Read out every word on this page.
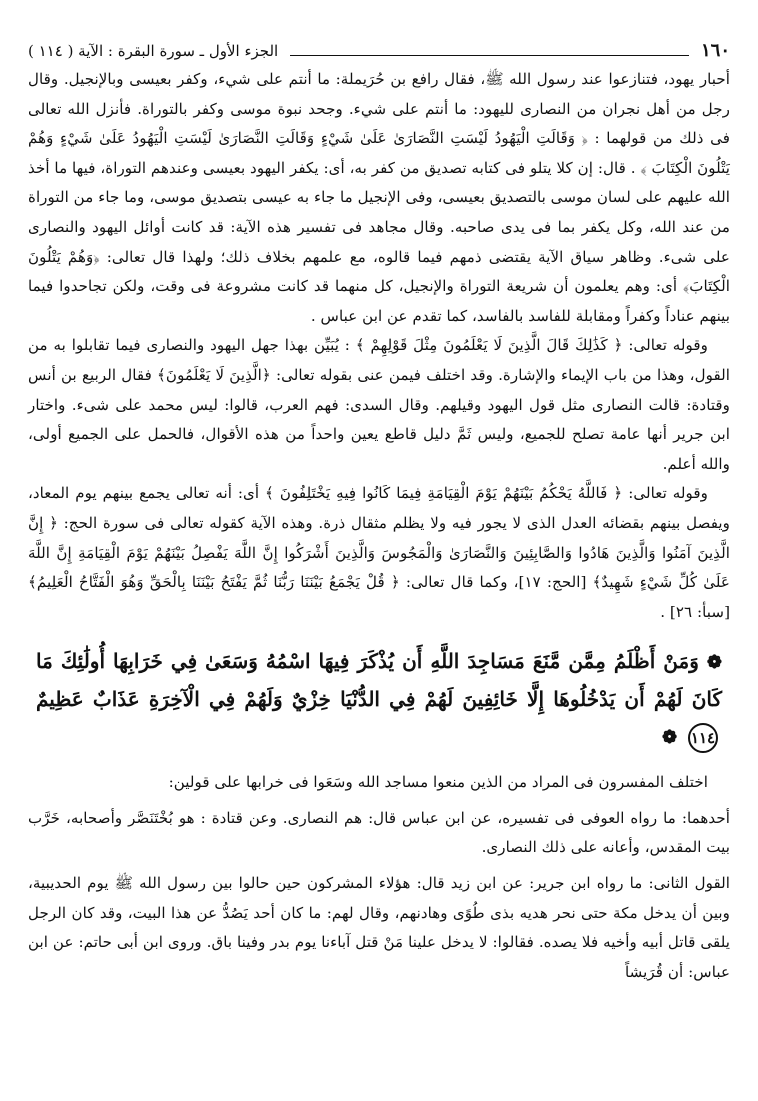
١٦٠
الجزء الأول ـ سورة البقرة : الآية ( ١١٤ )

أحبار يهود، فتنازعوا عند رسول الله ﷺ، فقال رافع بن حُرَيملة: ما أنتم على شيء، وكفر بعيسى وبالإنجيل. وقال رجل من أهل نجران من النصارى لليهود: ما أنتم على شيء. وجحد نبوة موسى وكفر بالتوراة. فأنزل الله تعالى فى ذلك من قولهما : ﴿ وَقَالَتِ الْيَهُودُ لَيْسَتِ النَّصَارَىٰ عَلَىٰ شَيْءٍ وَقَالَتِ النَّصَارَىٰ لَيْسَتِ الْيَهُودُ عَلَىٰ شَيْءٍ وَهُمْ يَتْلُونَ الْكِتَابَ ﴾ . قال: إن كلا يتلو فى كتابه تصديق من كفر به، أى: يكفر اليهود بعيسى وعندهم التوراة، فيها ما أخذ الله عليهم على لسان موسى بالتصديق بعيسى، وفى الإنجيل ما جاء به عيسى بتصديق موسى، وما جاء من التوراة من عند الله، وكل يكفر بما فى يدى صاحبه. وقال مجاهد فى تفسير هذه الآية: قد كانت أوائل اليهود والنصارى على شىء. وظاهر سياق الآية يقتضى ذمهم فيما قالوه، مع علمهم بخلاف ذلك؛ ولهذا قال تعالى: ﴿وَهُمْ يَتْلُونَ الْكِتَابَ﴾ أى: وهم يعلمون أن شريعة التوراة والإنجيل، كل منهما قد كانت مشروعة فى وقت، ولكن تجاحدوا فيما بينهم عناداً وكفراً ومقابلة للفاسد بالفاسد، كما تقدم عن ابن عباس .

وقوله تعالى: ﴿ كَذَٰلِكَ قَالَ الَّذِينَ لَا يَعْلَمُونَ مِثْلَ قَوْلِهِمْ ﴾ : يُبَيِّن بهذا جهل اليهود والنصارى فيما تقابلوا به من القول، وهذا من باب الإيماء والإشارة. وقد اختلف فيمن عنى بقوله تعالى: ﴿الَّذِينَ لَا يَعْلَمُونَ﴾ فقال الربيع بن أنس وقتادة: قالت النصارى مثل قول اليهود وقيلهم. وقال السدى: فهم العرب، قالوا: ليس محمد على شىء. واختار ابن جرير أنها عامة تصلح للجميع، وليس ثَمَّ دليل قاطع يعين واحداً من هذه الأقوال، فالحمل على الجميع أولى، والله أعلم.

وقوله تعالى: ﴿ فَاللَّهُ يَحْكُمُ بَيْنَهُمْ يَوْمَ الْقِيَامَةِ فِيمَا كَانُوا فِيهِ يَخْتَلِفُونَ ﴾ أى: أنه تعالى يجمع بينهم يوم المعاد، ويفصل بينهم بقضائه العدل الذى لا يجور فيه ولا يظلم مثقال ذرة. وهذه الآية كقوله تعالى فى سورة الحج: ﴿ إِنَّ الَّذِينَ آمَنُوا وَالَّذِينَ هَادُوا وَالصَّابِئِينَ وَالنَّصَارَىٰ وَالْمَجُوسَ وَالَّذِينَ أَشْرَكُوا إِنَّ اللَّهَ يَفْصِلُ بَيْنَهُمْ يَوْمَ الْقِيَامَةِ إِنَّ اللَّهَ عَلَىٰ كُلِّ شَيْءٍ شَهِيدٌ﴾ [الحج: ١٧]، وكما قال تعالى: ﴿ قُلْ يَجْمَعُ بَيْنَنَا رَبُّنَا ثُمَّ يَفْتَحُ بَيْنَنَا بِالْحَقِّ وَهُوَ الْفَتَّاحُ الْعَلِيمُ﴾ [سبأ: ٢٦] .

❁ وَمَنْ أَظْلَمُ مِمَّن مَّنَعَ مَسَاجِدَ اللَّهِ أَن يُذْكَرَ فِيهَا اسْمُهُ وَسَعَىٰ فِي خَرَابِهَا أُولَٰئِكَ مَا كَانَ لَهُمْ أَن يَدْخُلُوهَا إِلَّا خَائِفِينَ لَهُمْ فِي الدُّنْيَا خِزْيٌ وَلَهُمْ فِي الْآخِرَةِ عَذَابٌ عَظِيمٌ ١١٤ ❁

اختلف المفسرون فى المراد من الذين منعوا مساجد الله وسَعَوا فى خرابها على قولين:

أحدهما: ما رواه العوفى فى تفسيره، عن ابن عباس قال: هم النصارى. وعن قتادة : هو بُخْتَنَصَّر وأصحابه، خَرَّب بيت المقدس، وأعانه على ذلك النصارى.

القول الثانى: ما رواه ابن جرير: عن ابن زيد قال: هؤلاء المشركون حين حالوا بين رسول الله ﷺ يوم الحديبية، وبين أن يدخل مكة حتى نحر هديه بذى طُوًى وهادنهم، وقال لهم: ما كان أحد يَصُدُّ عن هذا البيت، وقد كان الرجل يلقى قاتل أبيه وأخيه فلا يصده. فقالوا: لا يدخل علينا مَنْ قتل آباءنا يوم بدر وفينا باق. وروى ابن أبى حاتم: عن ابن عباس: أن قُرَيشاً
